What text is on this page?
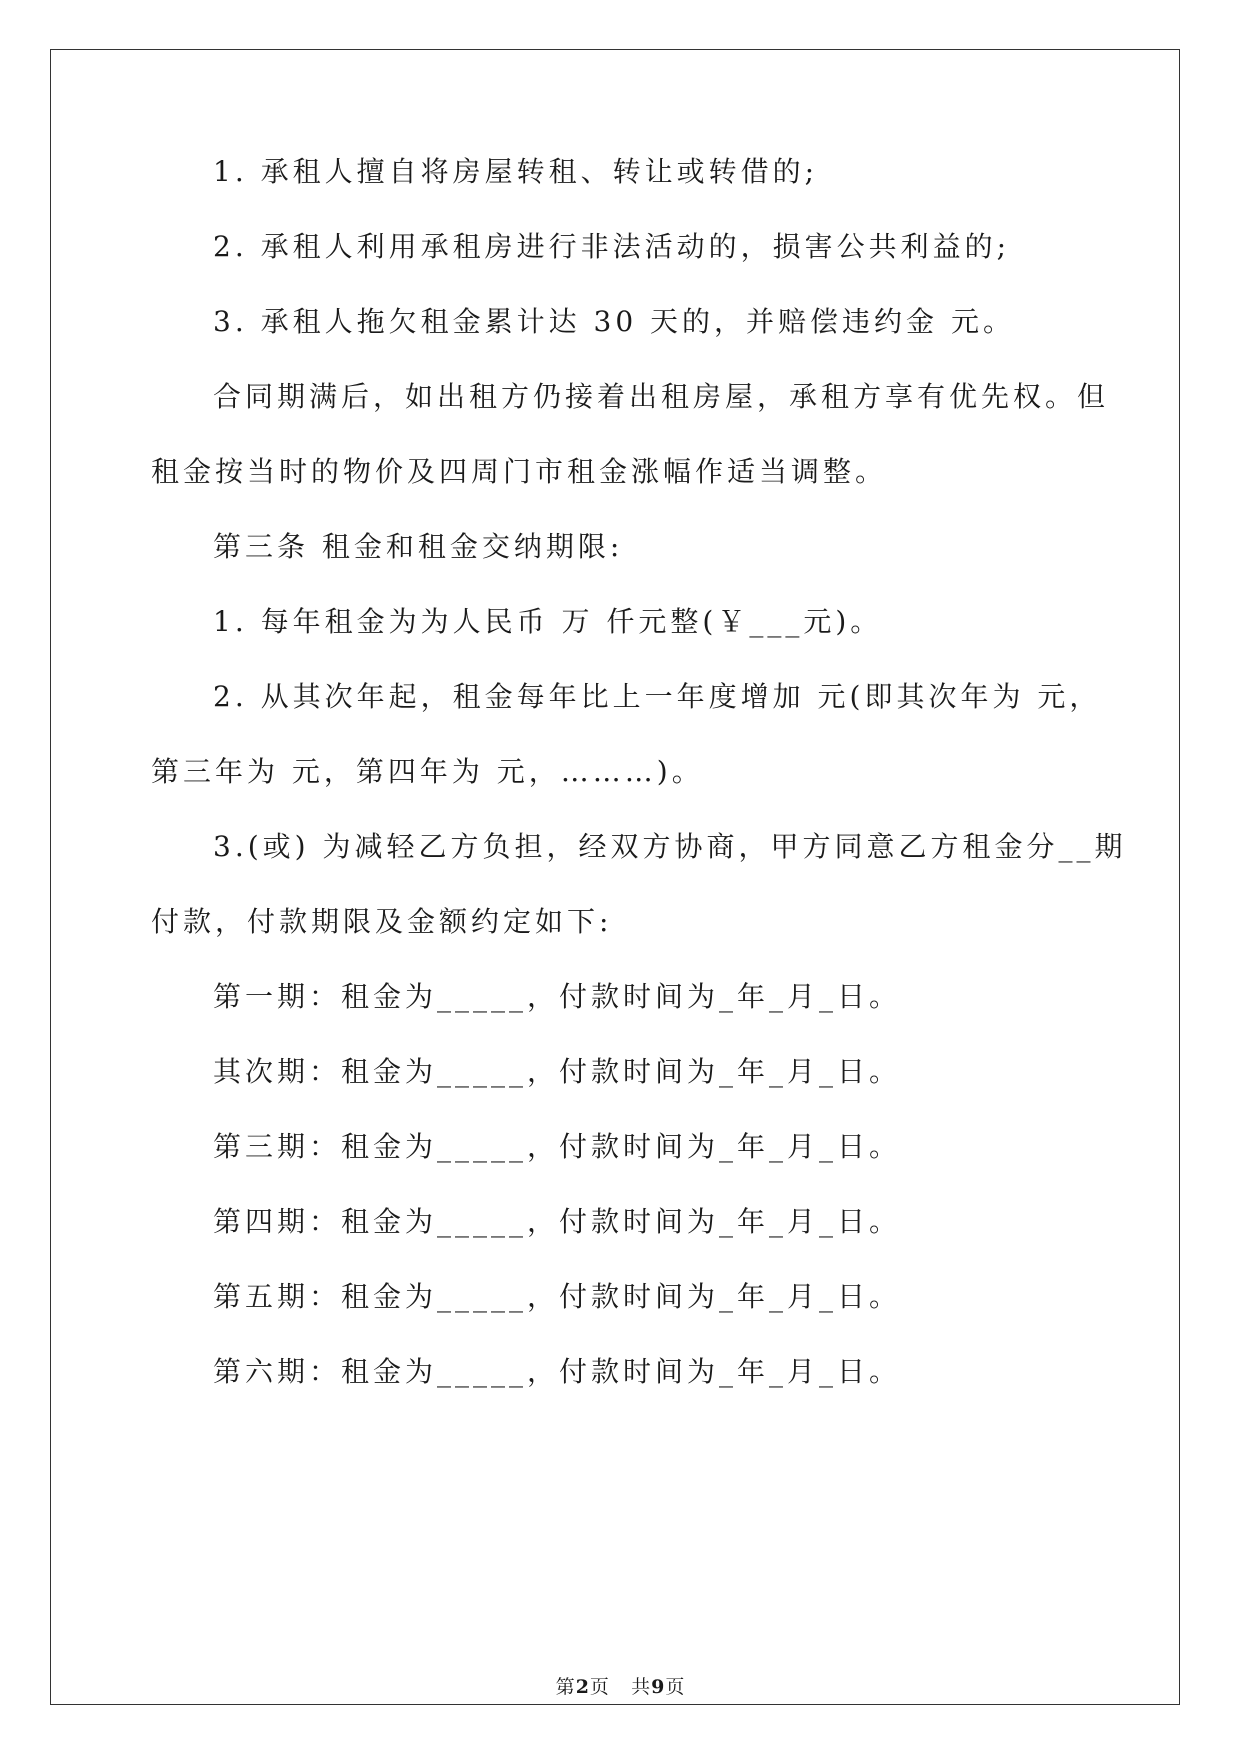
1. 承租人擅自将房屋转租、转让或转借的;
2. 承租人利用承租房进行非法活动的，损害公共利益的;
3. 承租人拖欠租金累计达 30 天的，并赔偿违约金 元。
合同期满后，如出租方仍接着出租房屋，承租方享有优先权。但
租金按当时的物价及四周门市租金涨幅作适当调整。
第三条 租金和租金交纳期限:
1. 每年租金为为人民币 万 仟元整(￥___元)。
2. 从其次年起，租金每年比上一年度增加 元(即其次年为 元，
第三年为 元，第四年为 元，………)。
3.(或) 为减轻乙方负担，经双方协商，甲方同意乙方租金分__期
付款，付款期限及金额约定如下:
第一期：租金为_____，付款时间为_年_月_日。
其次期：租金为_____，付款时间为_年_月_日。
第三期：租金为_____，付款时间为_年_月_日。
第四期：租金为_____，付款时间为_年_月_日。
第五期：租金为_____，付款时间为_年_月_日。
第六期：租金为_____，付款时间为_年_月_日。
第2页 共9页
